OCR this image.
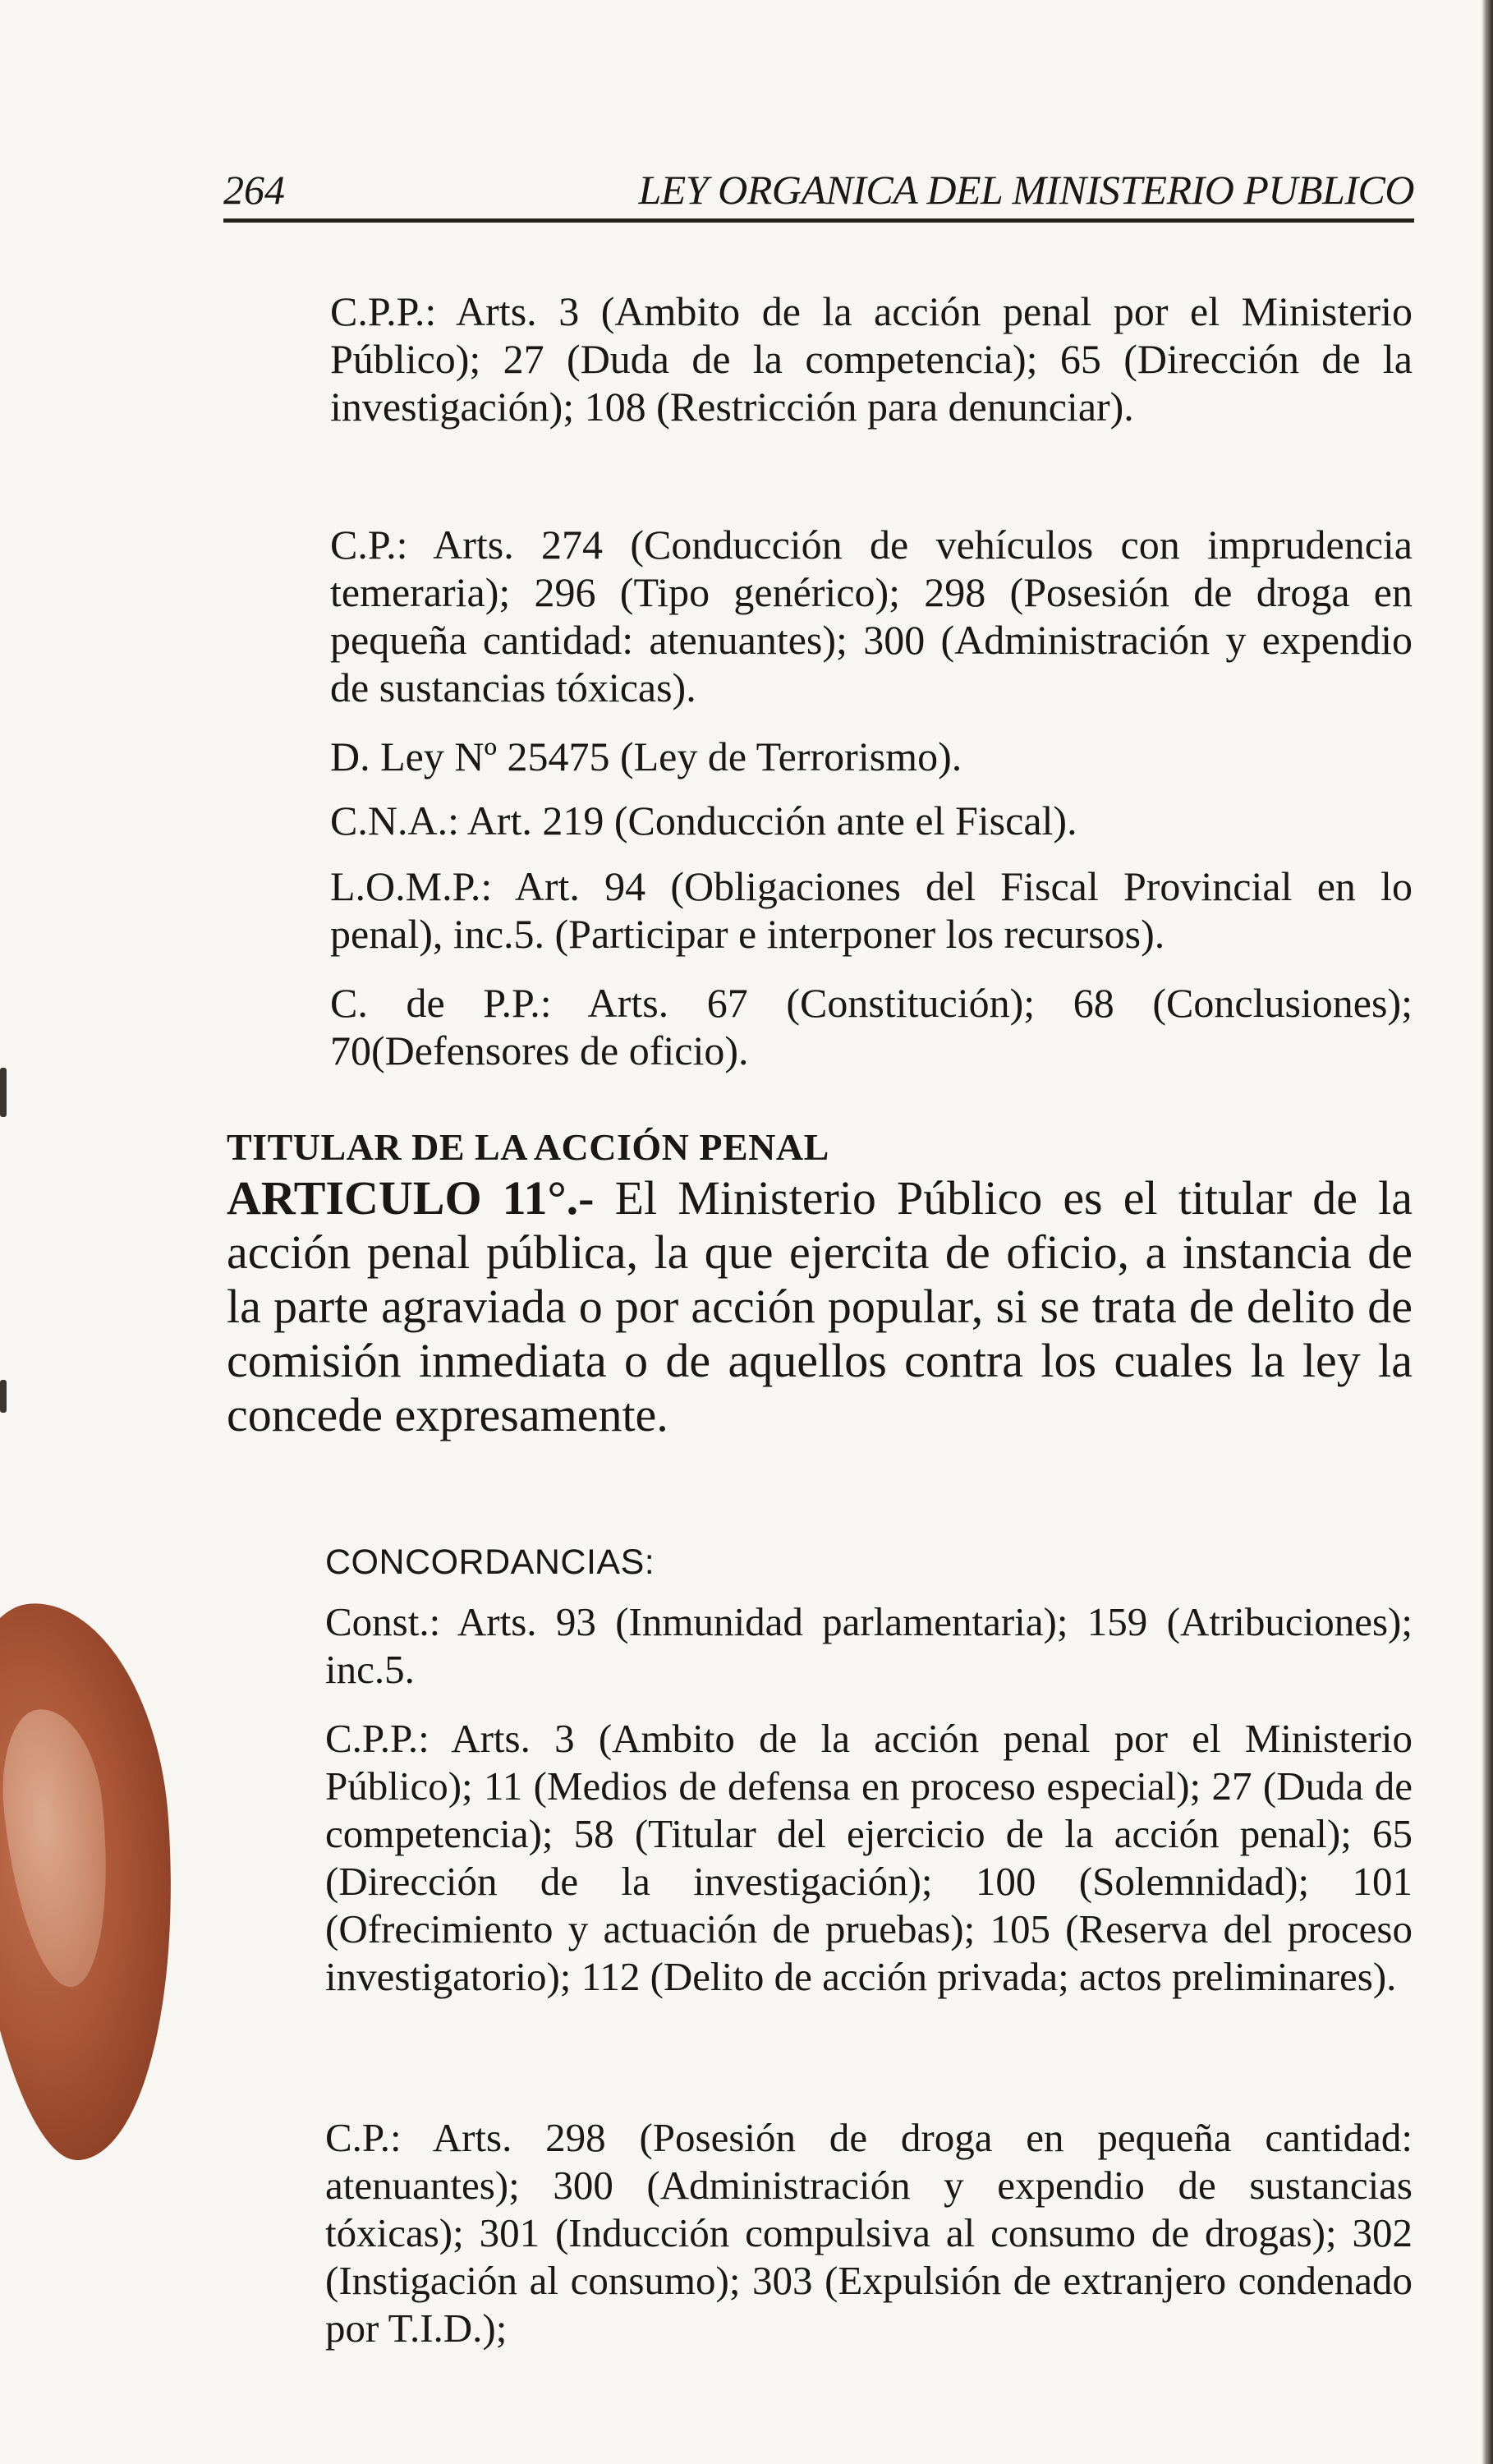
264	LEY ORGANICA DEL MINISTERIO PUBLICO

C.P.P.: Arts. 3 (Ambito de la acción penal por el Ministerio Público); 27 (Duda de la competencia); 65 (Dirección de la investigación); 108 (Restricción para denunciar).

C.P.: Arts. 274 (Conducción de vehículos con imprudencia temeraria); 296 (Tipo genérico); 298 (Posesión de droga en pequeña cantidad: atenuantes); 300 (Administración y expendio de sustancias tóxicas).

D. Ley Nº 25475 (Ley de Terrorismo).

C.N.A.: Art. 219 (Conducción ante el Fiscal).

L.O.M.P.: Art. 94 (Obligaciones del Fiscal Provincial en lo penal), inc.5. (Participar e interponer los recursos).

C. de P.P.: Arts. 67 (Constitución); 68 (Conclusiones); 70(Defensores de oficio).

TITULAR DE LA ACCIÓN PENAL

ARTICULO 11°.- El Ministerio Público es el titular de la acción penal pública, la que ejercita de oficio, a instancia de la parte agraviada o por acción popular, si se trata de delito de comisión inmediata o de aquellos contra los cuales la ley la concede expresamente.

CONCORDANCIAS:

Const.: Arts. 93 (Inmunidad parlamentaria); 159 (Atribuciones); inc.5.

C.P.P.: Arts. 3 (Ambito de la acción penal por el Ministerio Público); 11 (Medios de defensa en proceso especial); 27 (Duda de competencia); 58 (Titular del ejercicio de la acción penal); 65 (Dirección de la investigación); 100 (Solemnidad); 101 (Ofrecimiento y actuación de pruebas); 105 (Reserva del proceso investigatorio); 112 (Delito de acción privada; actos preliminares).

C.P.: Arts. 298 (Posesión de droga en pequeña cantidad: atenuantes); 300 (Administración y expendio de sustancias tóxicas); 301 (Inducción compulsiva al consumo de drogas); 302 (Instigación al consumo); 303 (Expulsión de extranjero condenado por T.I.D.);
